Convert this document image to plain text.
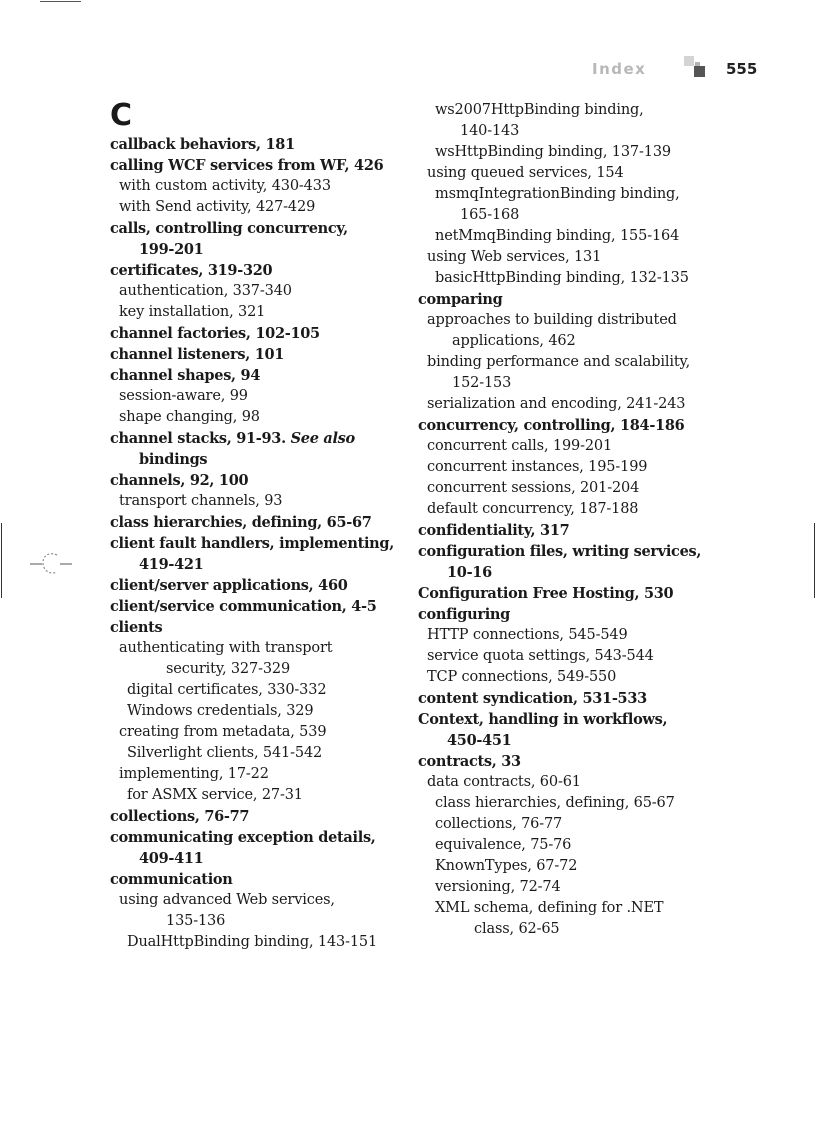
Index	555

C

callback behaviors, 181

calling WCF services from WF, 426

with custom activity, 430-433

with Send activity, 427-429

calls, controlling concurrency,

199-201

certificates, 319-320

authentication, 337-340

key installation, 321

channel factories, 102-105

channel listeners, 101

channel shapes, 94

session-aware, 99

shape changing, 98

channel stacks, 91-93. See also

bindings

channels, 92, 100

transport channels, 93

class hierarchies, defining, 65-67

client fault handlers, implementing,

419-421

client/server applications, 460

client/service communication, 4-5

clients

authenticating with transport

security, 327-329

digital certificates, 330-332

Windows credentials, 329

creating from metadata, 539

Silverlight clients, 541-542

implementing, 17-22

for ASMX service, 27-31

collections, 76-77

communicating exception details,

409-411

communication

using advanced Web services,

135-136

DualHttpBinding binding, 143-151

ws2007HttpBinding binding,

140-143

wsHttpBinding binding, 137-139

using queued services, 154

msmqIntegrationBinding binding,

165-168

netMmqBinding binding, 155-164

using Web services, 131

basicHttpBinding binding, 132-135

comparing

approaches to building distributed

applications, 462

binding performance and scalability,

152-153

serialization and encoding, 241-243

concurrency, controlling, 184-186

concurrent calls, 199-201

concurrent instances, 195-199

concurrent sessions, 201-204

default concurrency, 187-188

confidentiality, 317

configuration files, writing services,

10-16

Configuration Free Hosting, 530

configuring

HTTP connections, 545-549

service quota settings, 543-544

TCP connections, 549-550

content syndication, 531-533

Context, handling in workflows,

450-451

contracts, 33

data contracts, 60-61

class hierarchies, defining, 65-67

collections, 76-77

equivalence, 75-76

KnownTypes, 67-72

versioning, 72-74

XML schema, defining for .NET

class, 62-65
